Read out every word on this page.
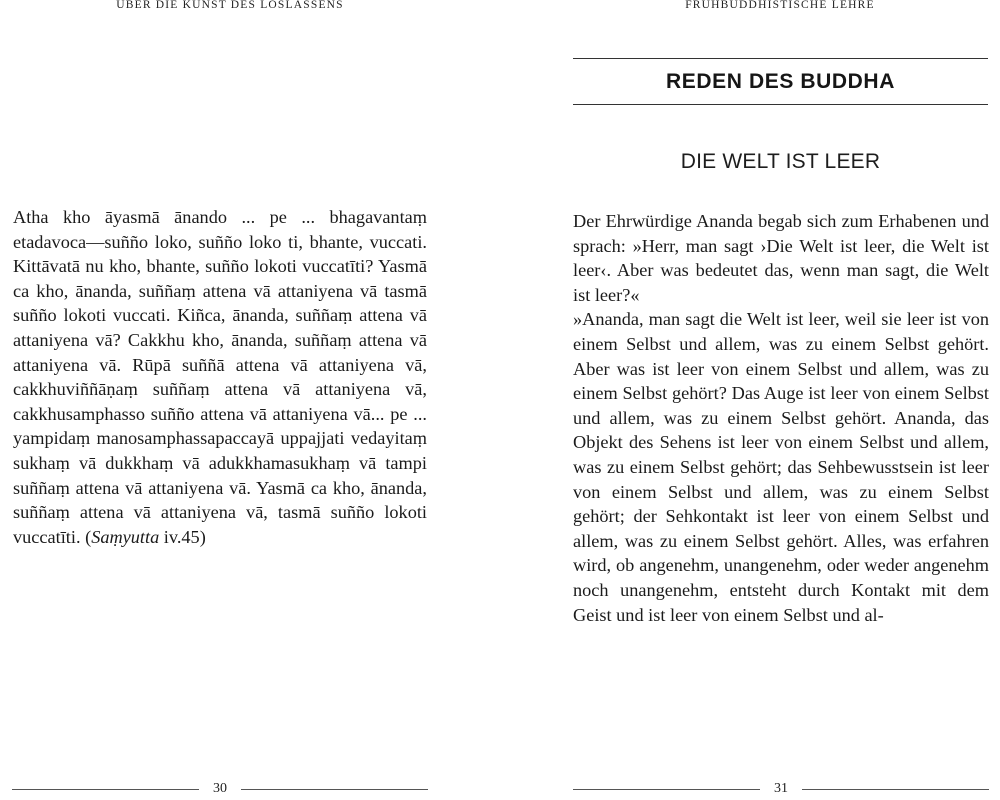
ÜBER DIE KUNST DES LOSLASSENS

Atha kho āyasmā ānando ... pe ... bhagavantaṃ etadavoca—suñño loko, suñño loko ti, bhante, vuccati. Kittāvatā nu kho, bhante, suñño lokoti vuccatīti? Yasmā ca kho, ānanda, suññaṃ attena vā attaniyena vā tasmā suñño lokoti vuccati. Kiñca, ānanda, suññaṃ attena vā attaniyena vā? Cakkhu kho, ānanda, suññaṃ attena vā attaniyena vā. Rūpā suññā attena vā attaniyena vā, cakkhuviññāṇaṃ suññaṃ attena vā attaniyena vā, cakkhusamphasso suñño attena vā attaniyena vā... pe ... yampidaṃ manosamphassapaccayā uppajjati vedayitaṃ sukhaṃ vā dukkhaṃ vā adukkhamasukhaṃ vā tampi suññaṃ attena vā attaniyena vā. Yasmā ca kho, ānanda, suññaṃ attena vā attaniyena vā, tasmā suñño lokoti vuccatīti. (Saṃyutta iv.45)

30
FRÜHBUDDHISTISCHE LEHRE
REDEN DES BUDDHA
DIE WELT IST LEER

Der Ehrwürdige Ananda begab sich zum Erhabenen und sprach: »Herr, man sagt ›Die Welt ist leer, die Welt ist leer‹. Aber was bedeutet das, wenn man sagt, die Welt ist leer?«

»Ananda, man sagt die Welt ist leer, weil sie leer ist von einem Selbst und allem, was zu einem Selbst gehört. Aber was ist leer von einem Selbst und allem, was zu einem Selbst gehört? Das Auge ist leer von einem Selbst und allem, was zu einem Selbst gehört. Ananda, das Objekt des Sehens ist leer von einem Selbst und allem, was zu einem Selbst gehört; das Sehbewusstsein ist leer von einem Selbst und allem, was zu einem Selbst gehört; der Sehkontakt ist leer von einem Selbst und allem, was zu einem Selbst gehört. Alles, was erfahren wird, ob angenehm, unangenehm, oder weder angenehm noch unangenehm, entsteht durch Kontakt mit dem Geist und ist leer von einem Selbst und al-

31
